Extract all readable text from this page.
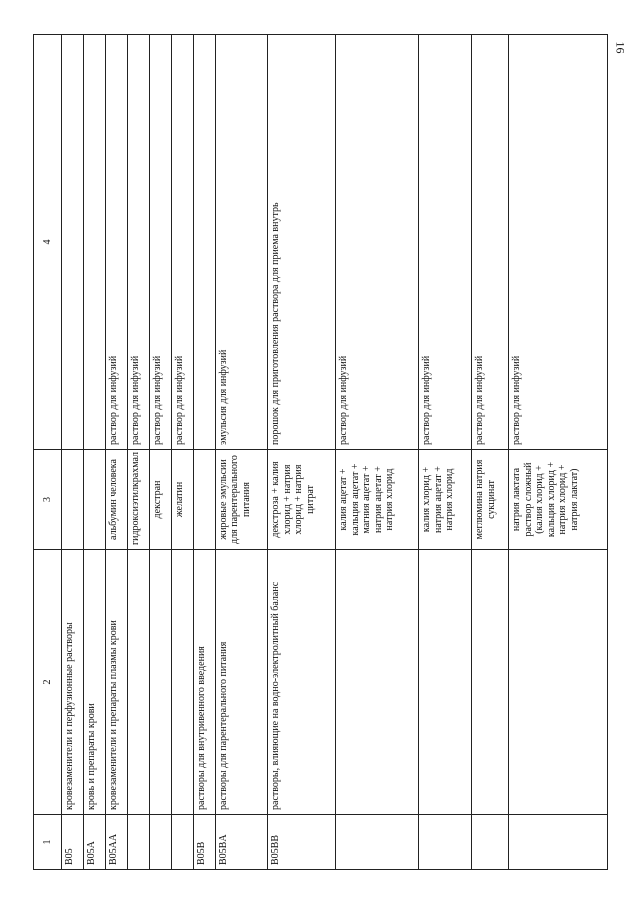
16
1	2	3	4
B05	кровезаменители и перфузионные растворы		
B05A	кровь и препараты крови		
B05AA	кровезаменители и препараты плазмы крови	альбумин человека	раствор для инфузий
		гидроксиэтилкрахмал	раствор для инфузий
		декстран	раствор для инфузий
		желатин	раствор для инфузий
B05B	растворы для внутривенного введения		
B05BA	растворы для парентерального питания	жировые эмульсии для парентерального питания	эмульсия для инфузий
B05BB	растворы, влияющие на водно-электролитный баланс	декстроза + калия хлорид + натрия хлорид + натрия цитрат	порошок для приготовления раствора для приема внутрь
		калия ацетат + кальция ацетат + магния ацетат + натрия ацетат + натрия хлорид	раствор для инфузий
		калия хлорид + натрия ацетат + натрия хлорид	раствор для инфузий
		меглюмина натрия сукцинат	раствор для инфузий
		натрия лактата раствор сложный (калия хлорид + кальция хлорид + натрия хлорид + натрия лактат)	раствор для инфузий
